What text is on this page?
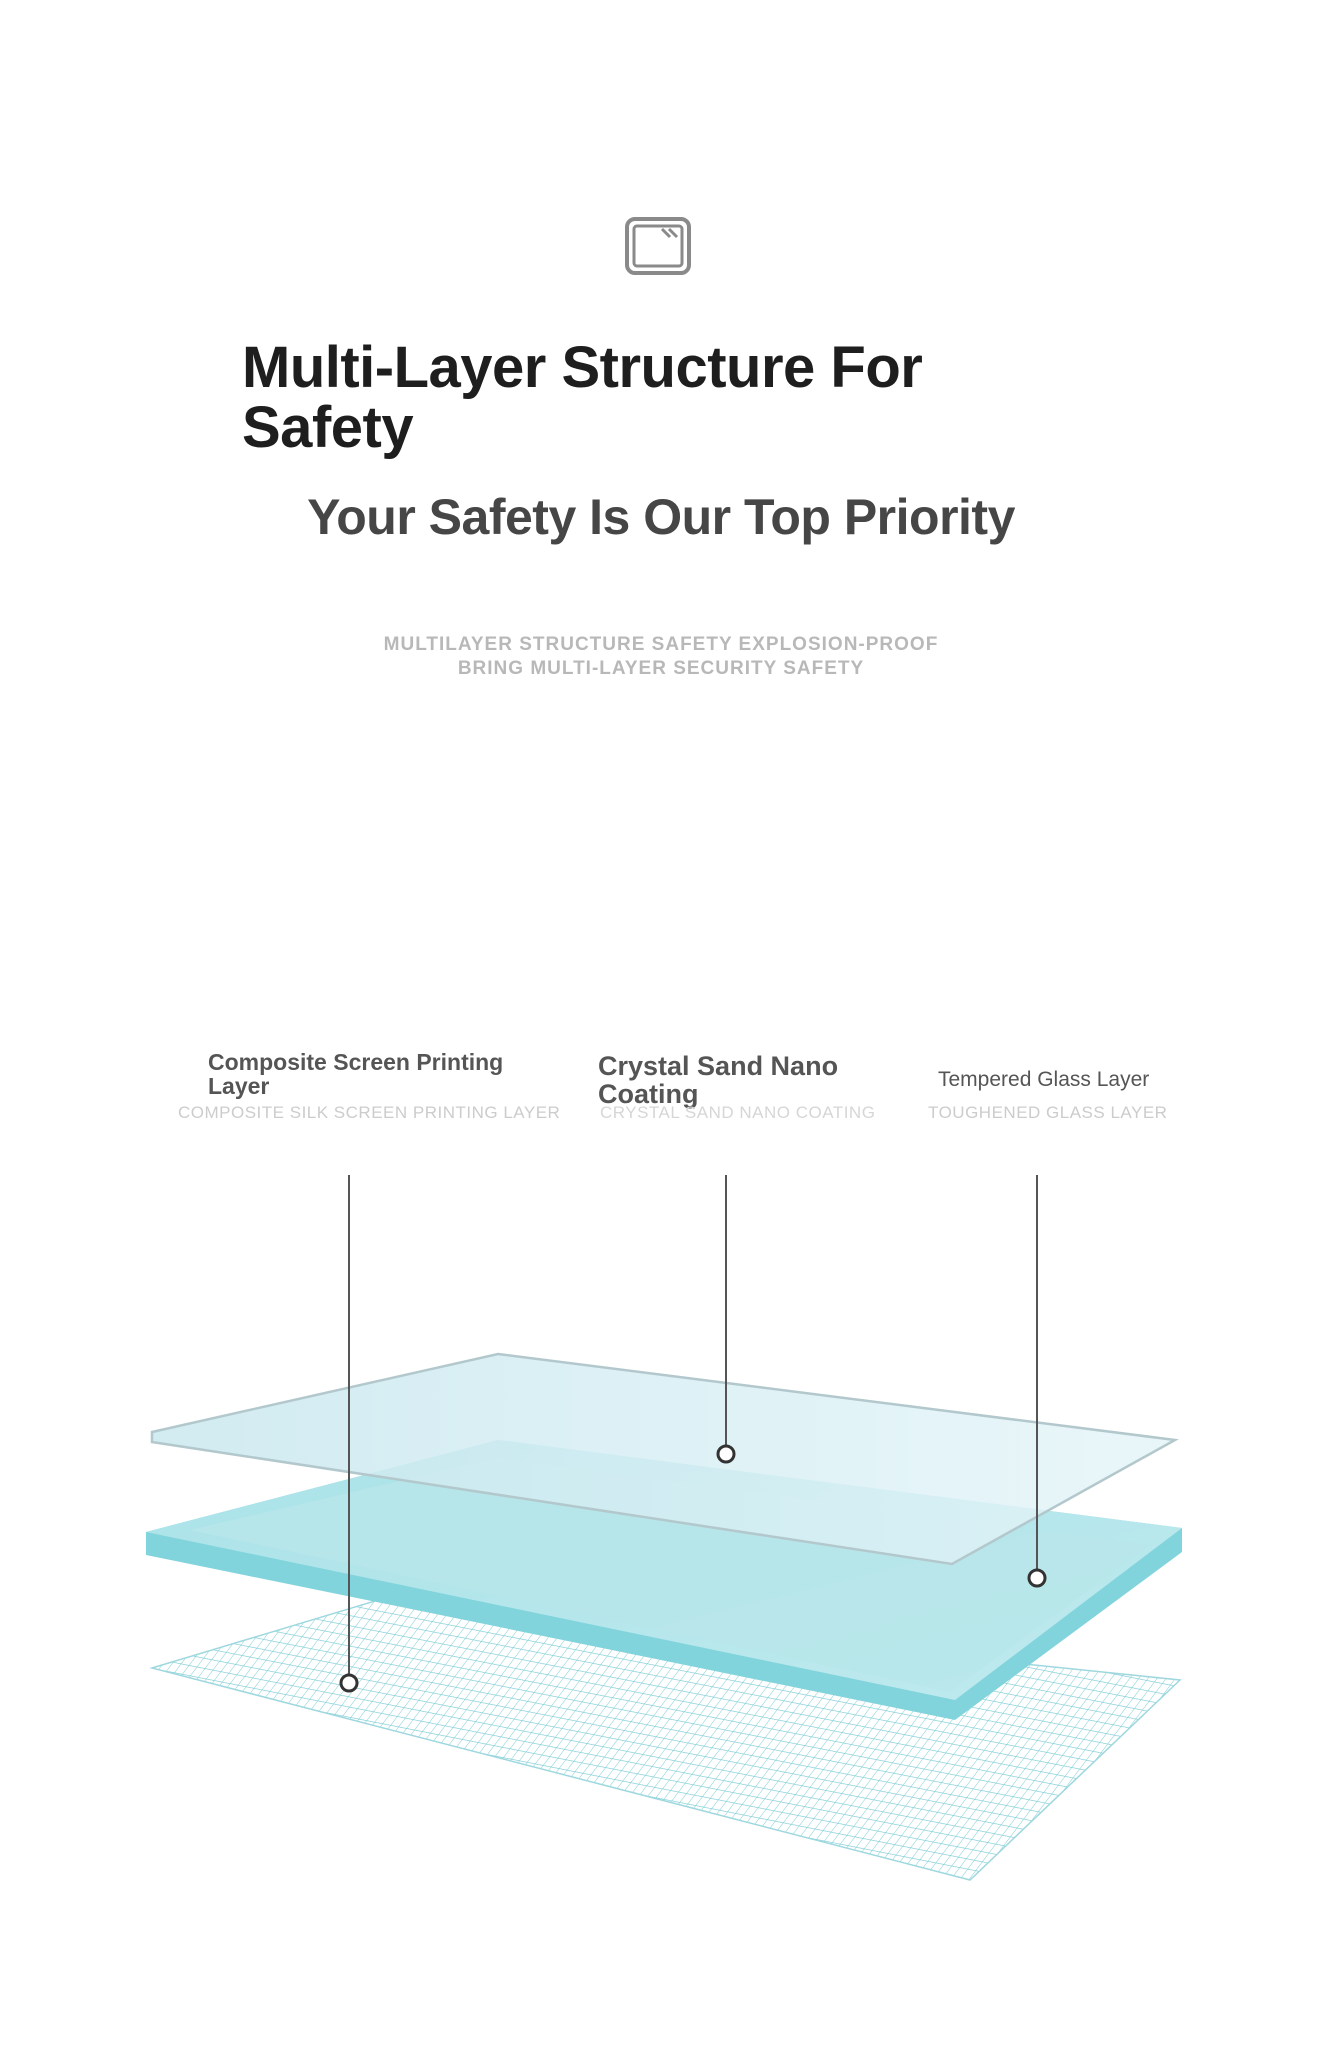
Multi-Layer Structure For Safety
Your Safety Is Our Top Priority
MULTILAYER STRUCTURE SAFETY EXPLOSION-PROOF
BRING MULTI-LAYER SECURITY SAFETY

Composite Screen Printing Layer

COMPOSITE SILK SCREEN PRINTING LAYER

Crystal Sand Nano Coating

CRYSTAL SAND NANO COATING

Tempered Glass Layer

TOUGHENED GLASS LAYER
